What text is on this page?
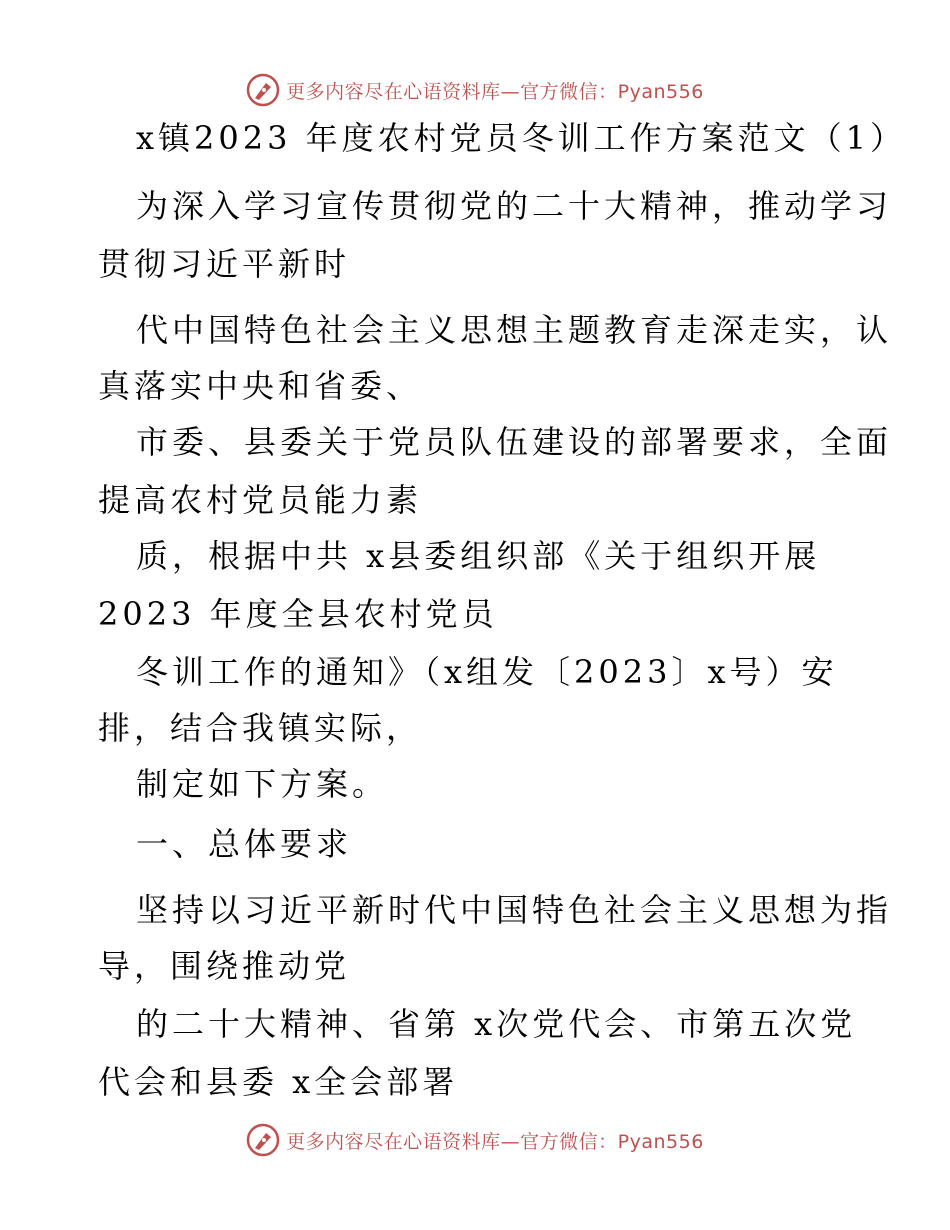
更多内容尽在心语资料库—官方微信：Pyan556
x镇2023 年度农村党员冬训工作方案范文（1）
为深入学习宣传贯彻党的二十大精神，推动学习
贯彻习近平新时
代中国特色社会主义思想主题教育走深走实，认
真落实中央和省委、
市委、县委关于党员队伍建设的部署要求，全面
提高农村党员能力素
质，根据中共 x县委组织部《关于组织开展
2023 年度全县农村党员
冬训工作的通知》（x组发〔2023〕x号）安
排，结合我镇实际，
制定如下方案。
一、总体要求
坚持以习近平新时代中国特色社会主义思想为指
导，围绕推动党
的二十大精神、省第 x次党代会、市第五次党
代会和县委 x全会部署
更多内容尽在心语资料库—官方微信：Pyan556
